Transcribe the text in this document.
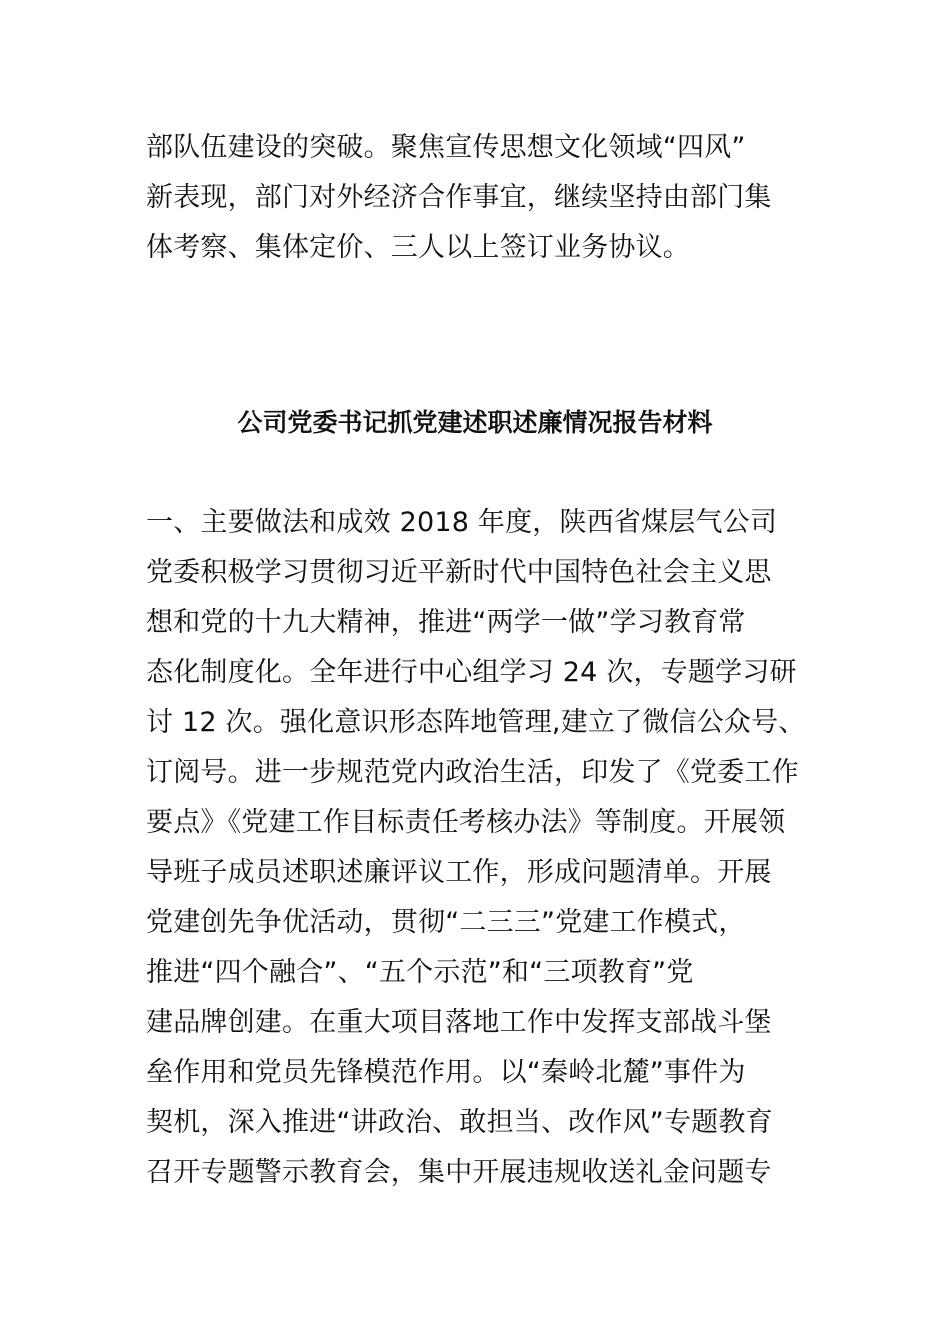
部队伍建设的突破。聚焦宣传思想文化领域“四风”
新表现，部门对外经济合作事宜，继续坚持由部门集
体考察、集体定价、三人以上签订业务协议。
公司党委书记抓党建述职述廉情况报告材料
一、主要做法和成效 2018 年度，陕西省煤层气公司
党委积极学习贯彻习近平新时代中国特色社会主义思
想和党的十九大精神，推进“两学一做”学习教育常
态化制度化。全年进行中心组学习 24 次，专题学习研
讨 12 次。强化意识形态阵地管理,建立了微信公众号、
订阅号。进一步规范党内政治生活，印发了《党委工作
要点》《党建工作目标责任考核办法》等制度。开展领
导班子成员述职述廉评议工作，形成问题清单。开展
党建创先争优活动，贯彻“二三三”党建工作模式，
推进“四个融合”、“五个示范”和“三项教育”党
建品牌创建。在重大项目落地工作中发挥支部战斗堡
垒作用和党员先锋模范作用。以“秦岭北麓”事件为
契机，深入推进“讲政治、敢担当、改作风”专题教育
召开专题警示教育会，集中开展违规收送礼金问题专
